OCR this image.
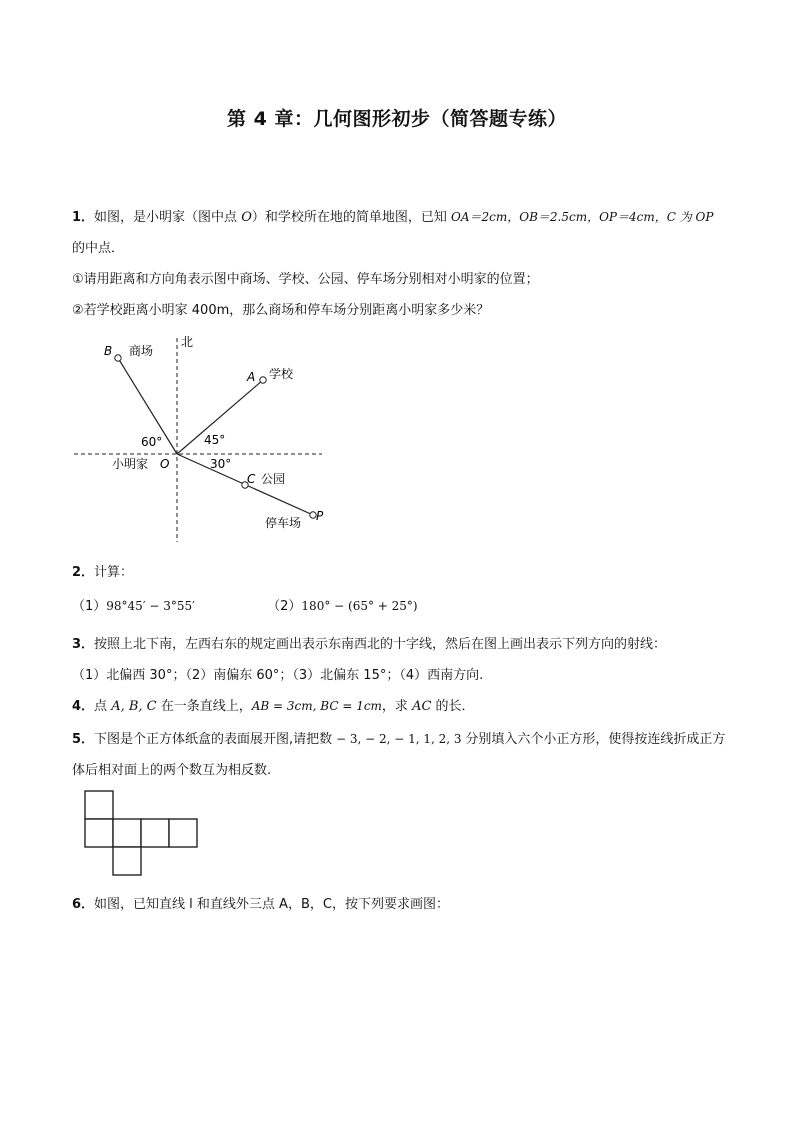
第 4 章：几何图形初步（简答题专练）
1．如图，是小明家（图中点 O）和学校所在地的简单地图，已知 OA＝2cm，OB＝2.5cm，OP＝4cm，C 为 OP
的中点．
①请用距离和方向角表示图中商场、学校、公园、停车场分别相对小明家的位置；
②若学校距离小明家 400m，那么商场和停车场分别距离小明家多少米？
北
B 商场
A 学校
60°	45°
30°
小明家 O
C 公园
P
停车场
2．计算：
（1）98°45′ − 3°55′	（2）180° − (65° + 25°)
3．按照上北下南，左西右东的规定画出表示东南西北的十字线，然后在图上画出表示下列方向的射线：
（1）北偏西 30°；（2）南偏东 60°；（3）北偏东 15°；（4）西南方向.
4．点 A, B, C 在一条直线上，AB = 3cm, BC = 1cm，求 AC 的长．
5．下图是个正方体纸盒的表面展开图,请把数 − 3, − 2, − 1, 1, 2, 3 分别填入六个小正方形，使得按连线折成正方
体后相对面上的两个数互为相反数.
6．如图，已知直线 l 和直线外三点 A，B，C，按下列要求画图：
